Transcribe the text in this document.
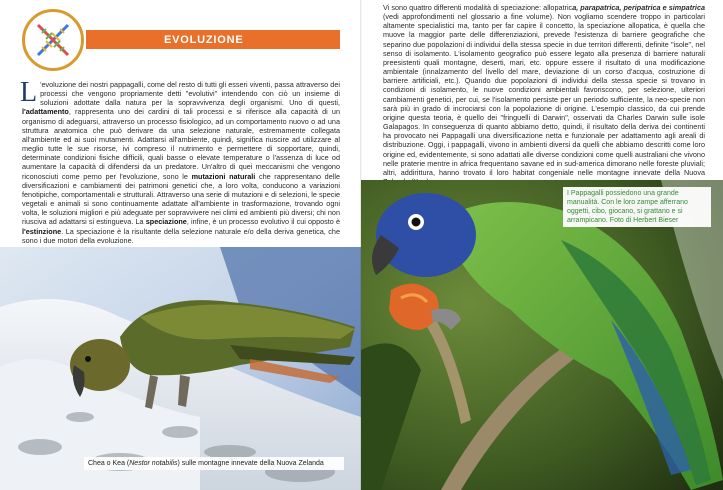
EVOLUZIONE
L 'evoluzione dei nostri pappagalli, come del resto di tutti gli esseri viventi, passa attraverso dei processi che vengono propriamente detti "evolutivi" intendendo con ciò un insieme di soluzioni adottate dalla natura per la sopravvivenza degli organismi. Uno di questi, l'adattamento, rappresenta uno dei cardini di tali processi e si riferisce alla capacità di un organismo di adeguarsi, attraverso un processo fisiologico, ad un comportamento nuovo o ad una struttura anatomica che può derivare da una selezione naturale, estremamente collegata all'ambiente ed ai suoi mutamenti. Adattarsi all'ambiente, quindi, significa riuscire ad utilizzare al meglio tutte le sue risorse, ivi compreso il nutrimento e permettere di sopportare, quindi, determinate condizioni fisiche difficili, quali basse o elevate temperature o l'assenza di luce od aumentare la capacità di difendersi da un predatore. Un'altro di quei meccanismi che vengono riconosciuti come perno per l'evoluzione, sono le mutazioni naturali che rappresentano delle diversificazioni e cambiamenti dei patrimoni genetici che, a loro volta, conducono a variazioni fenotipiche, comportamentali e strutturali. Attraverso una serie di mutazioni e di selezioni, le specie vegetali e animali si sono continuamente adattate all'ambiente in trasformazione, trovando ogni volta, le soluzioni migliori e più adeguate per sopravvivere nei climi ed ambienti più diversi; chi non riusciva ad adattarsi si estingueva. La speciazione, infine, è un processo evolutivo il cui opposto è l'estinzione. La speciazione è la risultante della selezione naturale e/o della deriva genetica, che sono i due motori della evoluzione.
Chea o Kea (Nestor notabilis) sulle montagne innevate della Nuova Zelanda
Vi sono quattro differenti modalità di speciazione: allopatrica, parapatrica, peripatrica e simpatrica (vedi approfondimenti nel glossario a fine volume). Non vogliamo scendere troppo in particolari altamente specialistici ma, tanto per far capire il concetto, la speciazione allopatica, è quella che muove la maggior parte delle differenziazioni, prevede l'esistenza di barriere geografiche che separino due popolazioni di individui della stessa specie in due territori differenti, definite "isole", nel senso di isolamento. L'isolamento geografico può essere legato alla presenza di barriere naturali preesistenti quali montagne, deserti, mari, etc. oppure essere il risultato di una modificazione ambientale (innalzamento del livello del mare, deviazione di un corso d'acqua, costruzione di barriere artificiali, etc.). Quando due popolazioni di individui della stessa specie si trovano in condizioni di isolamento, le nuove condizioni ambientali favoriscono, per selezione, ulteriori cambiamenti genetici, per cui, se l'isolamento persiste per un periodo sufficiente, la neo-specie non sarà più in grado di incrociarsi con la popolazione di origine. L'esempio classico, da cui prende origine questa teoria, è quello dei "fringuelli di Darwin", osservati da Charles Darwin sulle isole Galapagos. In conseguenza di quanto abbiamo detto, quindi, il risultato della deriva dei continenti ha provocato nei Pappagalli una diversificazione netta e funzionale per adattamento agli areali di distribuzione. Oggi, i pappagalli, vivono in ambienti diversi da quelli che abbiamo descritti come loro origine ed, evidentemente, si sono adattati alle diverse condizioni come quelli australiani che vivono nelle praterie mentre in africa frequentano savane ed in sud-america dimorano nelle foreste pluviali; altri, addirittura, hanno trovato il loro habitat congeniale nelle montagne innevate della Nuova
I Pappagalli possiedono una grande manualità. Con le loro zampe afferrano oggetti, cibo, giocano, si grattano e si arrampicano. Foto di Herbert Bieser
